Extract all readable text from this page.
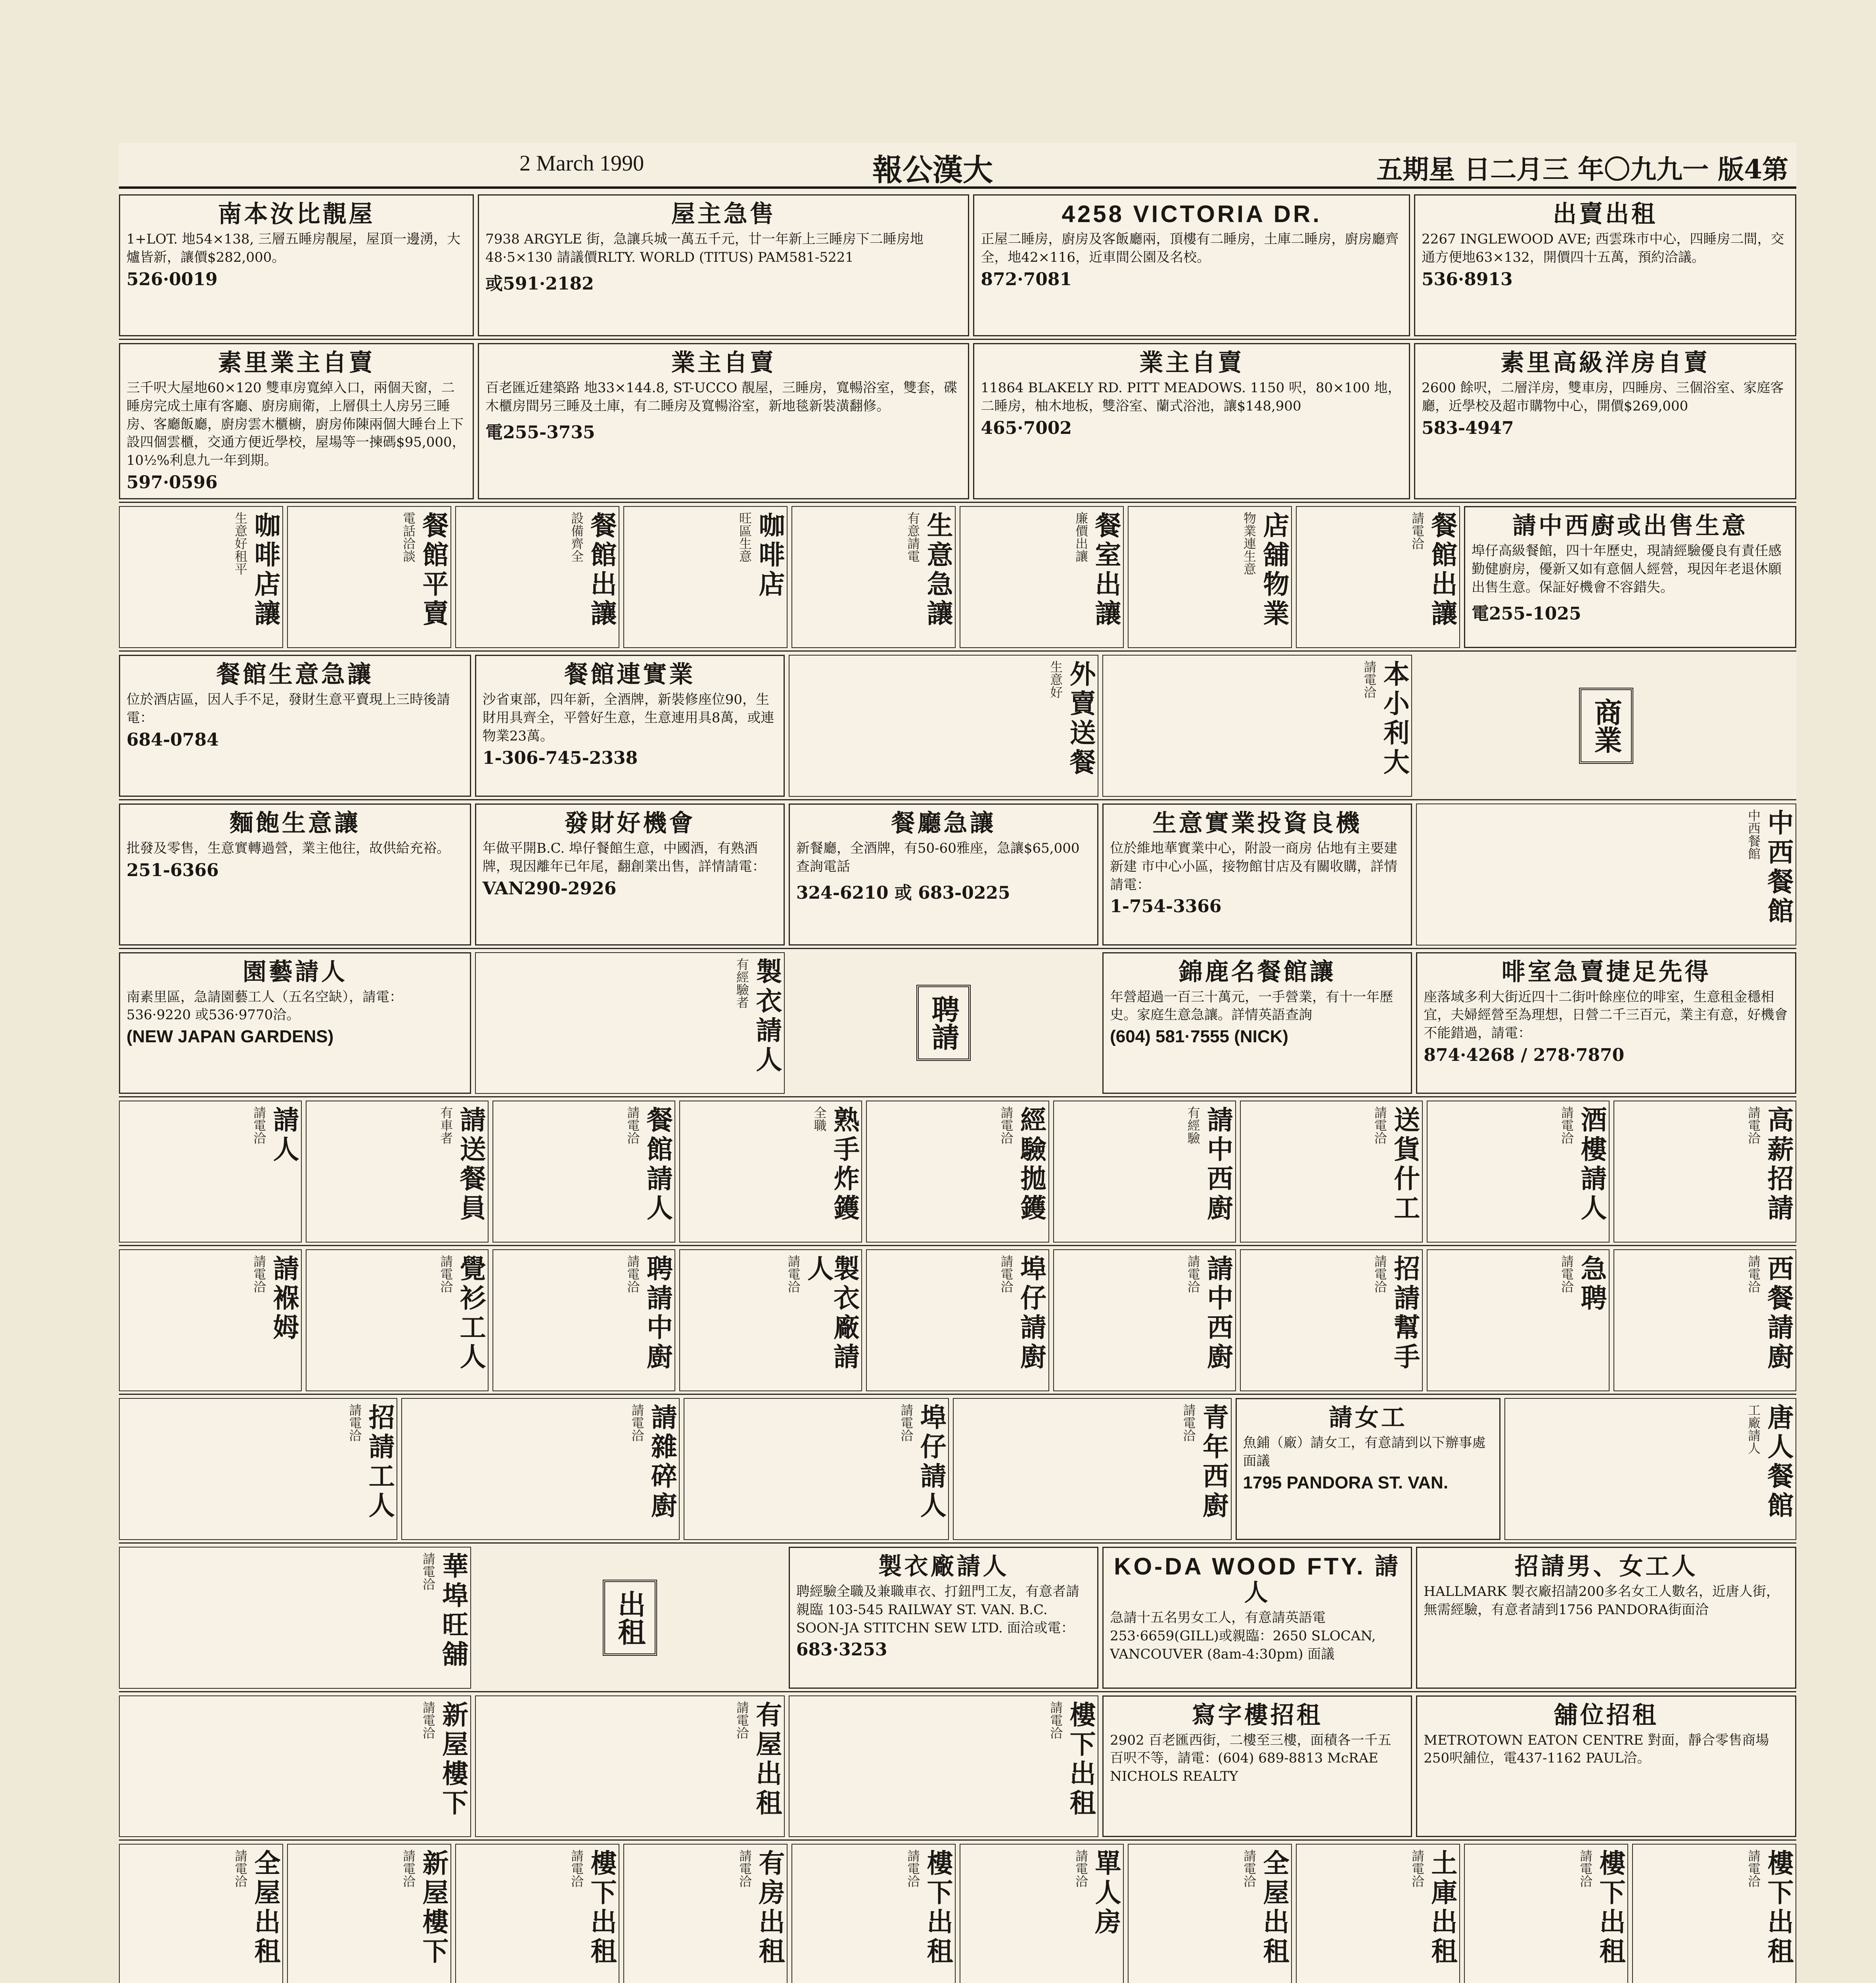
2 March 1990	報公漢大	五期星 日二月三 年〇九九一 版4第
南本汝比靚屋

1+LOT. 地54×138, 三層五睡房靚屋，屋頂一邊湧，大爐皆新，讓價$282,000。

526·0019
屋主急售

7938 ARGYLE 街，急讓兵城一萬五千元，廿一年新上三睡房下二睡房地48·5×130 請議價RLTY. WORLD (TITUS) PAM581-5221

或591·2182
4258 VICTORIA DR.

正屋二睡房，廚房及客飯廳兩，頂樓有二睡房，土庫二睡房，廚房廳齊全，地42×116，近車間公園及名校。

872·7081
出賣出租

2267 INGLEWOOD AVE; 西雲珠市中心，四睡房二間，交通方便地63×132，開價四十五萬，預約洽議。

536·8913
素里業主自賣

三千呎大屋地60×120 雙車房寬綽入口，兩個天窗，二睡房完成土庫有客廳、廚房廁衛，上層俱土人房另三睡房、客廳飯廳，廚房雲木櫃櫥，廚房佈陳兩個大睡台上下設四個雲櫃，交通方便近學校，屋場等一揀碼$95,000，10½%利息九一年到期。

597·0596
業主自賣

百老匯近建築路 地33×144.8, ST-UCCO 靚屋，三睡房，寬暢浴室，雙套，碟木櫃房間另三睡及土庫，有二睡房及寬暢浴室，新地毯新裝潢翻修。

電255-3735
業主自賣

11864 BLAKELY RD. PITT MEADOWS. 1150 呎，80×100 地，二睡房，柚木地板，雙浴室、蘭式浴池，讓$148,900

465·7002
素里高級洋房自賣

2600 餘呎，二層洋房，雙車房，四睡房、三個浴室、家庭客廳，近學校及超市購物中心，開價$269,000

583-4947
咖啡店讓
生意好租平	餐館平賣
電話洽談	餐館出讓
設備齊全	咖啡店
旺區生意	生意急讓
有意請電	餐室出讓
廉價出讓	店舖物業
物業連生意	餐館出讓
請電洽	請中西廚或出售生意

埠仔高級餐館，四十年歷史，現請經驗優良有責任感勤健廚房，優新又如有意個人經營，現因年老退休願出售生意。保証好機會不容錯失。

電255-1025
餐館生意急讓

位於酒店區，因人手不足，發財生意平賣現上三時後請電：

684-0784
餐館連實業

沙省東部，四年新，全酒牌，新裝修座位90，生財用具齊全，平營好生意，生意連用具8萬，或連物業23萬。

1-306-745-2338	外賣送餐
生意好	本小利大
請電洽
商業
麵飽生意讓

批發及零售，生意實轉過營，業主他往，故供給充裕。

251-6366
發財好機會

年做平開B.C. 埠仔餐館生意，中國酒，有熟酒牌，現因離年已年尾，翻創業出售，詳情請電：

VAN290-2926
餐廳急讓

新餐廳，全酒牌，有50-60雅座，急讓$65,000 查詢電話

324-6210 或 683-0225
生意實業投資良機

位於維地華實業中心，附設一商房 佔地有主要建新建 市中心小區，接物館甘店及有關收購，詳情請電：

1-754-3366	中西餐館
中西餐館
園藝請人

南素里區，急請園藝工人（五名空缺），請電：536·9220 或536·9770洽。

(NEW JAPAN GARDENS)	製衣請人
有經驗者
聘請
錦鹿名餐館讓

年營超過一百三十萬元，一手營業，有十一年歷史。家庭生意急讓。詳情英語查詢

(604) 581·7555 (NICK)
啡室急賣捷足先得

座落域多利大街近四十二街叶餘座位的啡室，生意租金穩相宜，夫婦經營至為理想，日營二千三百元，業主有意，好機會不能錯過，請電：

874·4268 / 278·7870
請人
請電洽	請送餐員
有車者	餐館請人
請電洽	熟手炸鑊
全職	經驗拋鑊
請電洽	請中西廚
有經驗	送貨什工
請電洽	酒樓請人
請電洽	高薪招請
請電洽
請褓姆
請電洽	覺衫工人
請電洽	聘請中廚
請電洽	製衣廠請人
請電洽	埠仔請廚
請電洽	請中西廚
請電洽	招請幫手
請電洽	急聘
請電洽	西餐請廚
請電洽
招請工人
請電洽	請雜碎廚
請電洽	埠仔請人
請電洽	青年西廚
請電洽	請女工

魚鋪（廠）請女工，有意請到以下辦事處面議

1795 PANDORA ST. VAN.	唐人餐館
工廠請人
華埠旺舖
請電洽
出租
製衣廠請人

聘經驗全職及兼職車衣、打鈕門工友，有意者請親臨 103-545 RAILWAY ST. VAN. B.C. SOON-JA STITCHN SEW LTD. 面洽或電：

683·3253
KO-DA WOOD FTY. 請人

急請十五名男女工人，有意請英語電253·6659(GILL)或親臨：2650 SLOCAN, VANCOUVER (8am-4:30pm) 面議

招請男、女工人

HALLMARK 製衣廠招請200多名女工人數名，近唐人街，無需經驗，有意者請到1756 PANDORA街面洽

新屋樓下
請電洽	有屋出租
請電洽	樓下出租
請電洽	寫字樓招租

2902 百老匯西街，二樓至三樓，面積各一千五百呎不等，請電：(604) 689-8813 McRAE NICHOLS REALTY

舖位招租

METROTOWN EATON CENTRE 對面，靜合零售商場250呎舖位，電437-1162 PAUL洽。

全屋出租
請電洽	新屋樓下
請電洽	樓下出租
請電洽	有房出租
請電洽	樓下出租
請電洽	單人房
請電洽	全屋出租
請電洽	土庫出租
請電洽	樓下出租
請電洽	樓下出租
請電洽
